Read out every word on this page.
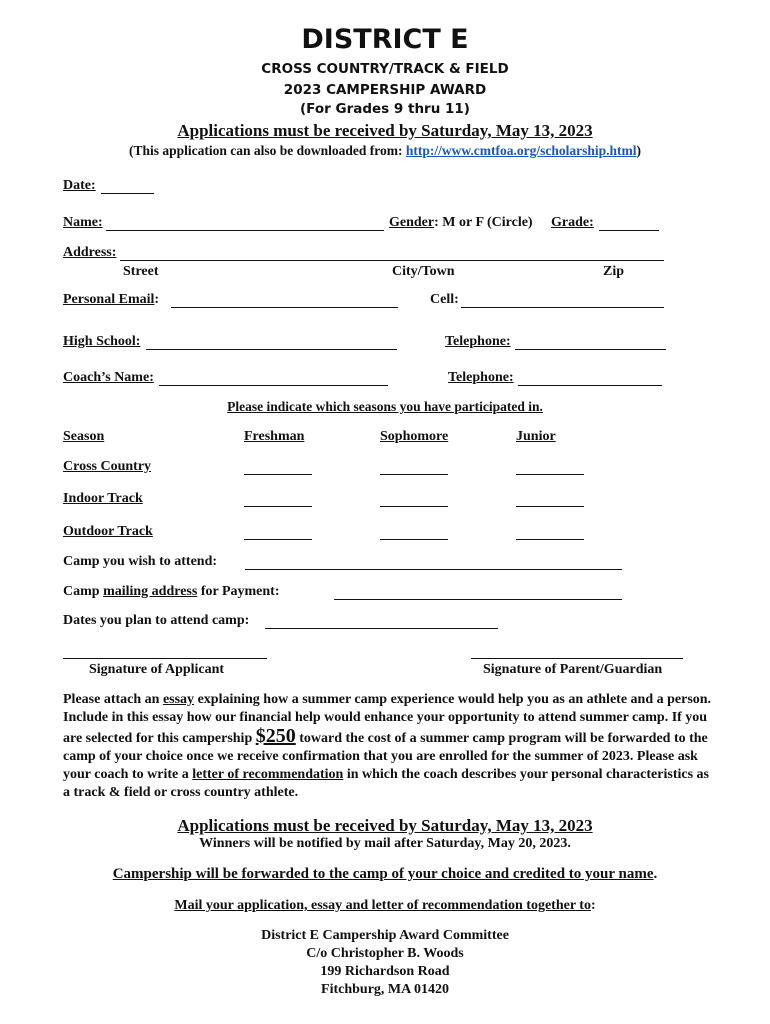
DISTRICT E
CROSS COUNTRY/TRACK & FIELD
2023 CAMPERSHIP AWARD
(For Grades 9 thru 11)
Applications must be received by Saturday, May 13, 2023
(This application can also be downloaded from: http://www.cmtfoa.org/scholarship.html)
Date:
Name:	Gender: M or F (Circle) Grade:
Address:
Street	City/Town	Zip
Personal Email:	Cell:
High School:	Telephone:
Coach’s Name:	Telephone:
Please indicate which seasons you have participated in.
Season	Freshman	Sophomore	Junior
Cross Country
Indoor Track
Outdoor Track
Camp you wish to attend:
Camp mailing address for Payment:
Dates you plan to attend camp:
Signature of Applicant	Signature of Parent/Guardian
Please attach an essay explaining how a summer camp experience would help you as an athlete and a person. Include in this essay how our financial help would enhance your opportunity to attend summer camp. If you are selected for this campership $250 toward the cost of a summer camp program will be forwarded to the camp of your choice once we receive confirmation that you are enrolled for the summer of 2023. Please ask your coach to write a letter of recommendation in which the coach describes your personal characteristics as a track & field or cross country athlete.
Applications must be received by Saturday, May 13, 2023
Winners will be notified by mail after Saturday, May 20, 2023.
Campership will be forwarded to the camp of your choice and credited to your name.
Mail your application, essay and letter of recommendation together to:
District E Campership Award Committee
C/o Christopher B. Woods
199 Richardson Road
Fitchburg, MA 01420
